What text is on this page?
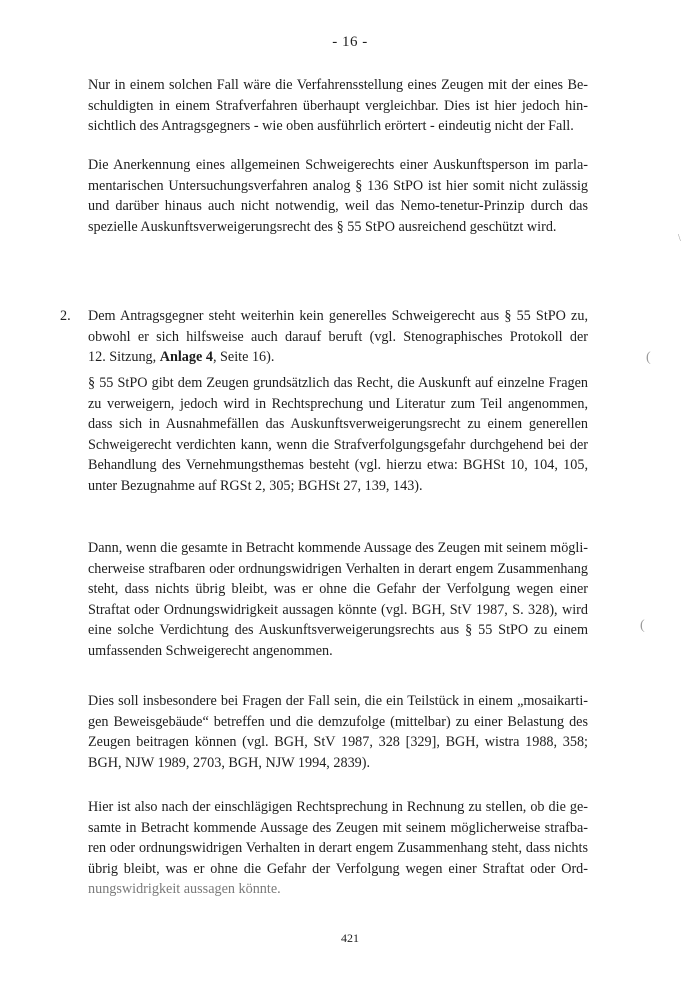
- 16 -

Nur in einem solchen Fall wäre die Verfahrensstellung eines Zeugen mit der eines Be-
schuldigten in einem Strafverfahren überhaupt vergleichbar. Dies ist hier jedoch hin-
sichtlich des Antragsgegners - wie oben ausführlich erörtert - eindeutig nicht der Fall.

Die Anerkennung eines allgemeinen Schweigerechts einer Auskunftsperson im parla-
mentarischen Untersuchungsverfahren analog § 136 StPO ist hier somit nicht zulässig
und darüber hinaus auch nicht notwendig, weil das Nemo-tenetur-Prinzip durch das
spezielle Auskunftsverweigerungsrecht des § 55 StPO ausreichend geschützt wird.

2. Dem Antragsgegner steht weiterhin kein generelles Schweigerecht aus § 55 StPO zu,
obwohl er sich hilfsweise auch darauf beruft (vgl. Stenographisches Protokoll der
12. Sitzung, Anlage 4, Seite 16).

§ 55 StPO gibt dem Zeugen grundsätzlich das Recht, die Auskunft auf einzelne Fragen
zu verweigern, jedoch wird in Rechtsprechung und Literatur zum Teil angenommen,
dass sich in Ausnahmefällen das Auskunftsverweigerungsrecht zu einem generellen
Schweigerecht verdichten kann, wenn die Strafverfolgungsgefahr durchgehend bei der
Behandlung des Vernehmungsthemas besteht (vgl. hierzu etwa: BGHSt 10, 104, 105,
unter Bezugnahme auf RGSt 2, 305; BGHSt 27, 139, 143).

Dann, wenn die gesamte in Betracht kommende Aussage des Zeugen mit seinem mögli-
cherweise strafbaren oder ordnungswidrigen Verhalten in derart engem Zusammenhang
steht, dass nichts übrig bleibt, was er ohne die Gefahr der Verfolgung wegen einer
Straftat oder Ordnungswidrigkeit aussagen könnte (vgl. BGH, StV 1987, S. 328), wird
eine solche Verdichtung des Auskunftsverweigerungsrechts aus § 55 StPO zu einem
umfassenden Schweigerecht angenommen.

Dies soll insbesondere bei Fragen der Fall sein, die ein Teilstück in einem „mosaikarti-
gen Beweisgebäude“ betreffen und die demzufolge (mittelbar) zu einer Belastung des
Zeugen beitragen können (vgl. BGH, StV 1987, 328 [329], BGH, wistra 1988, 358;
BGH, NJW 1989, 2703, BGH, NJW 1994, 2839).

Hier ist also nach der einschlägigen Rechtsprechung in Rechnung zu stellen, ob die ge-
samte in Betracht kommende Aussage des Zeugen mit seinem möglicherweise strafba-
ren oder ordnungswidrigen Verhalten in derart engem Zusammenhang steht, dass nichts
übrig bleibt, was er ohne die Gefahr der Verfolgung wegen einer Straftat oder Ord-
nungswidrigkeit aussagen könnte.

(
(
\
421
